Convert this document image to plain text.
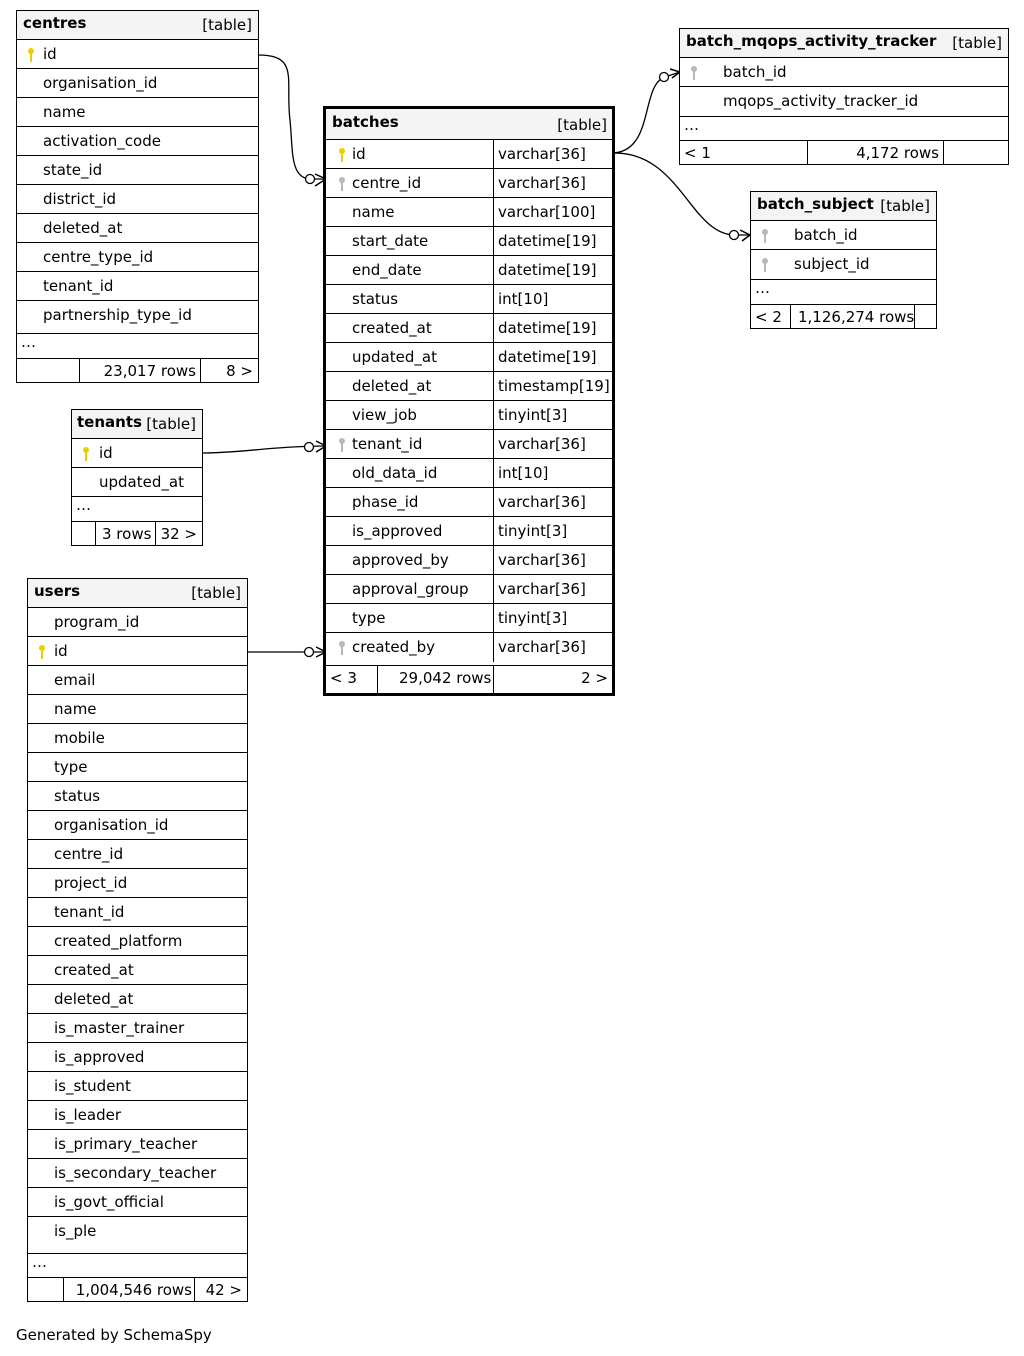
centres	[table]
id
organisation_id
name
activation_code
state_id
district_id
deleted_at
centre_type_id
tenant_id
partnership_type_id
…
23,017 rows 8 >
tenants [table]
id
updated_at
…
3 rows 32 >
users	[table]
program_id
id
email
name
mobile
type
status
organisation_id
centre_id
project_id
tenant_id
created_platform
created_at
deleted_at
is_master_trainer
is_approved
is_student
is_leader
is_primary_teacher
is_secondary_teacher
is_govt_official
is_ple
…
1,004,546 rows 42 >
batches	[table]
id	varchar[36]
centre_id	varchar[36]
name	varchar[100]
start_date	datetime[19]
end_date	datetime[19]
status	int[10]
created_at	datetime[19]
updated_at	datetime[19]
deleted_at	timestamp[19]
view_job	tinyint[3]
tenant_id	varchar[36]
old_data_id	int[10]
phase_id	varchar[36]
is_approved	tinyint[3]
approved_by	varchar[36]
approval_group varchar[36]
type	tinyint[3]
created_by	varchar[36]
< 3	29,042 rows	2 >
batch_mqops_activity_tracker [table]
batch_id
mqops_activity_tracker_id
…
< 1	4,172 rows
batch_subject [table]
batch_id
subject_id
…
< 2 1,126,274 rows
Generated by SchemaSpy
